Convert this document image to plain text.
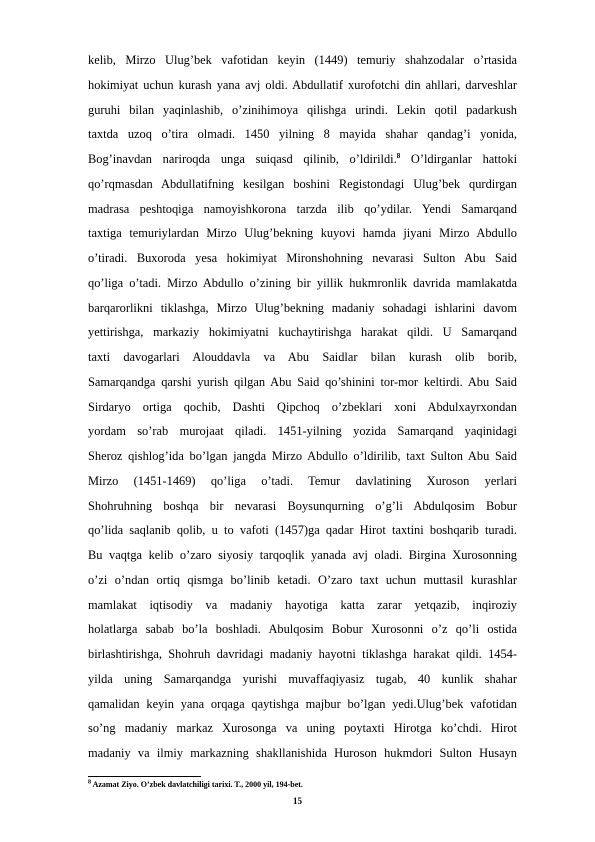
kelib, Mirzo Ulug’bek vafotidan keyin (1449) temuriy shahzodalar o’rtasida
hokimiyat uchun kurash yana avj oldi. Abdullatif xurofotchi din ahllari, darveshlar
guruhi bilan yaqinlashib, o’zinihimoya qilishga urindi. Lekin qotil padarkush
taxtda uzoq o’tira olmadi. 1450 yilning 8 mayida shahar qandag’i yonida,
Bog’inavdan nariroqda unga suiqasd qilinib, o’ldirildi.$^8$ O’ldirganlar hattoki
qo’rqmasdan Abdullatifning kesilgan boshini Registondagi Ulug’bek qurdirgan
madrasa peshtoqiga namoyishkorona tarzda ilib qo’ydilar. Yendi Samarqand
taxtiga temuriylardan Mirzo Ulug’bekning kuyovi hamda jiyani Mirzo Abdullo
o’tiradi. Buxoroda yesa hokimiyat Mironshohning nevarasi Sulton Abu Said
qo’liga o’tadi. Mirzo Abdullo o’zining bir yillik hukmronlik davrida mamlakatda
barqarorlikni tiklashga, Mirzo Ulug’bekning madaniy sohadagi ishlarini davom
yettirishga, markaziy hokimiyatni kuchaytirishga harakat qildi. U Samarqand
taxti davogarlari Alouddavla va Abu Saidlar bilan kurash olib borib,
Samarqandga qarshi yurish qilgan Abu Said qo’shinini tor-mor keltirdi. Abu Said
Sirdaryo ortiga qochib, Dashti Qipchoq o’zbeklari xoni Abdulxayrxondan
yordam so’rab murojaat qiladi. 1451-yilning yozida Samarqand yaqinidagi
Sheroz qishlog’ida bo’lgan jangda Mirzo Abdullo o’ldirilib, taxt Sulton Abu Said
Mirzo (1451-1469) qo’liga o’tadi. Temur davlatining Xuroson yerlari
Shohruhning boshqa bir nevarasi Boysunqurning o’g’li Abdulqosim Bobur
qo’lida saqlanib qolib, u to vafoti (1457)ga qadar Hirot taxtini boshqarib turadi.
Bu vaqtga kelib o’zaro siyosiy tarqoqlik yanada avj oladi. Birgina Xurosonning
o’zi o’ndan ortiq qismga bo’linib ketadi. O’zaro taxt uchun muttasil kurashlar
mamlakat iqtisodiy va madaniy hayotiga katta zarar yetqazib, inqiroziy
holatlarga sabab bo’la boshladi. Abulqosim Bobur Xurosonni o’z qo’li ostida
birlashtirishga, Shohruh davridagi madaniy hayotni tiklashga harakat qildi. 1454-
yilda uning Samarqandga yurishi muvaffaqiyasiz tugab, 40 kunlik shahar
qamalidan keyin yana orqaga qaytishga majbur bo’lgan yedi.Ulug’bek vafotidan
so’ng madaniy markaz Xurosonga va uning poytaxti Hirotga ko’chdi. Hirot
madaniy va ilmiy markazning shakllanishida Huroson hukmdori Sulton Husayn
$^8$ Azamat Ziyo. O’zbek davlatchiligi tarixi. T., 2000 yil, 194-bet.
15
